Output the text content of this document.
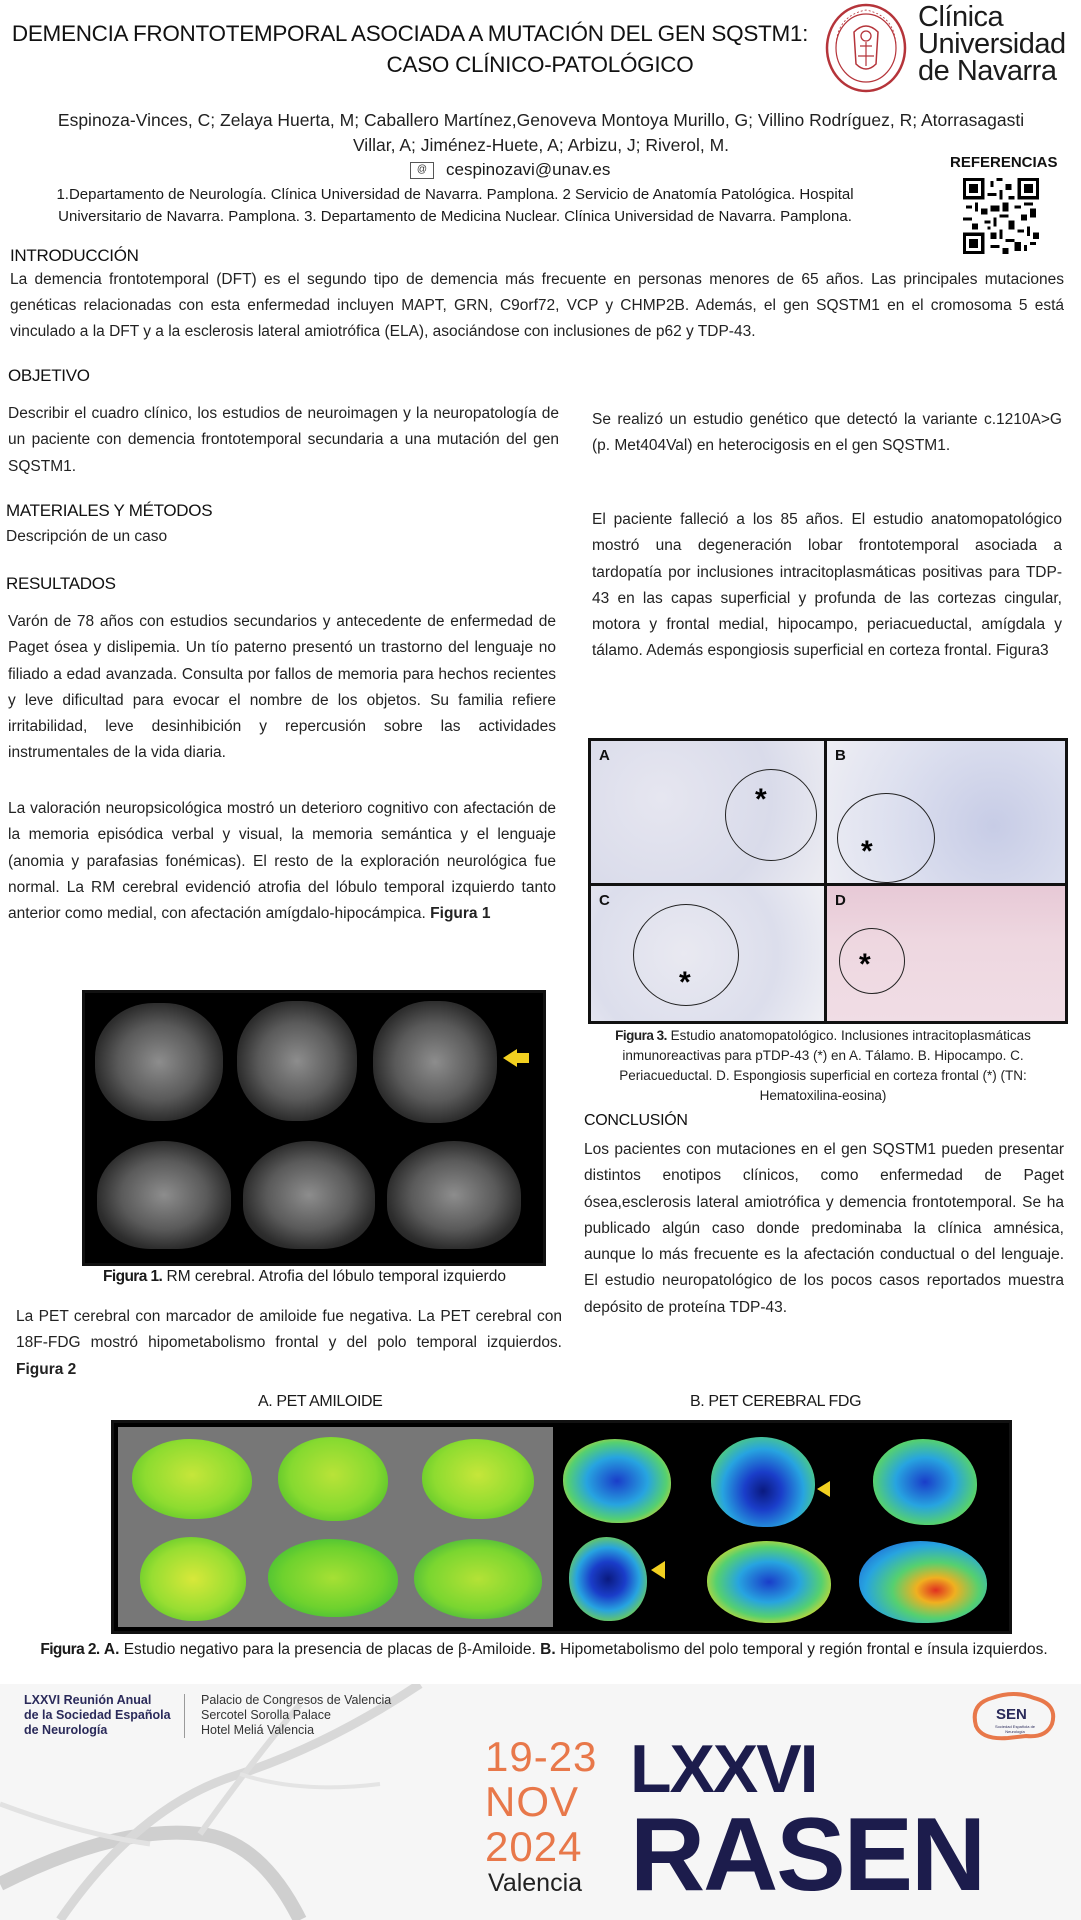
DEMENCIA FRONTOTEMPORAL ASOCIADA A MUTACIÓN DEL GEN SQSTM1:
CASO CLÍNICO-PATOLÓGICO
Clínica
Universidad
de Navarra
Espinoza-Vinces, C; Zelaya Huerta, M; Caballero Martínez,Genoveva Montoya Murillo, G; Villino Rodríguez, R; Atorrasagasti
Villar, A; Jiménez-Huete, A; Arbizu, J; Riverol, M.
@	cespinozavi@unav.es
1.Departamento de Neurología. Clínica Universidad de Navarra. Pamplona. 2 Servicio de Anatomía Patológica. Hospital
Universitario de Navarra. Pamplona. 3. Departamento de Medicina Nuclear. Clínica Universidad de Navarra. Pamplona.
REFERENCIAS
INTRODUCCIÓN
La demencia frontotemporal (DFT) es el segundo tipo de demencia más frecuente en personas menores de 65 años. Las principales mutaciones genéticas relacionadas con esta enfermedad incluyen MAPT, GRN, C9orf72, VCP y CHMP2B. Además, el gen SQSTM1 en el cromosoma 5 está vinculado a la DFT y a la esclerosis lateral amiotrófica (ELA), asociándose con inclusiones de p62 y TDP-43.
OBJETIVO
Describir el cuadro clínico, los estudios de neuroimagen y la neuropatología de un paciente con demencia frontotemporal secundaria a una mutación del gen SQSTM1.
MATERIALES Y MÉTODOS
Descripción de un caso
RESULTADOS
Varón de 78 años con estudios secundarios y antecedente de enfermedad de Paget ósea y dislipemia. Un tío paterno presentó un trastorno del lenguaje no filiado a edad avanzada. Consulta por fallos de memoria para hechos recientes y leve dificultad para evocar el nombre de los objetos. Su familia refiere irritabilidad, leve desinhibición y repercusión sobre las actividades instrumentales de la vida diaria.
La valoración neuropsicológica mostró un deterioro cognitivo con afectación de la memoria episódica verbal y visual, la memoria semántica y el lenguaje (anomia y parafasias fonémicas). El resto de la exploración neurológica fue normal. La RM cerebral evidenció atrofia del lóbulo temporal izquierdo tanto anterior como medial, con afectación amígdalo-hipocámpica. Figura 1
Figura 1. RM cerebral. Atrofia del lóbulo temporal izquierdo
La PET cerebral con marcador de amiloide fue negativa. La PET cerebral con 18F-FDG mostró hipometabolismo frontal y del polo temporal izquierdos. Figura 2
Se realizó un estudio genético que detectó la variante c.1210A>G (p. Met404Val) en heterocigosis en el gen SQSTM1.
El paciente falleció a los 85 años. El estudio anatomopatológico mostró una degeneración lobar frontotemporal asociada a tardopatía por inclusiones intracitoplasmáticas positivas para TDP-43 en las capas superficial y profunda de las cortezas cingular, motora y frontal medial, hipocampo, periacueductal, amígdala y tálamo. Además espongiosis superficial en corteza frontal. Figura3
A
*
B
*
C
*
D
*
Figura 3. Estudio anatomopatológico. Inclusiones intracitoplasmáticas inmunoreactivas para pTDP-43 (*) en A. Tálamo. B. Hipocampo. C. Periacueductal. D. Espongiosis superficial en corteza frontal (*) (TN: Hematoxilina-eosina)
CONCLUSIÓN
Los pacientes con mutaciones en el gen SQSTM1 pueden presentar distintos enotipos clínicos, como enfermedad de Paget ósea,esclerosis lateral amiotrófica y demencia frontotemporal. Se ha publicado algún caso donde predominaba la clínica amnésica, aunque lo más frecuente es la afectación conductual o del lenguaje. El estudio neuropatológico de los pocos casos reportados muestra depósito de proteína TDP-43.
A. PET AMILOIDE	B. PET CEREBRAL FDG
Figura 2. A. Estudio negativo para la presencia de placas de β-Amiloide. B. Hipometabolismo del polo temporal y región frontal e ínsula izquierdos.
LXXVI Reunión Anual
de la Sociedad Española
de Neurología
Palacio de Congresos de Valencia
Sercotel Sorolla Palace
Hotel Meliá Valencia
19-23
NOV
2024
Valencia
LXXVI
RASEN
SEN
Sociedad Española de Neurología
